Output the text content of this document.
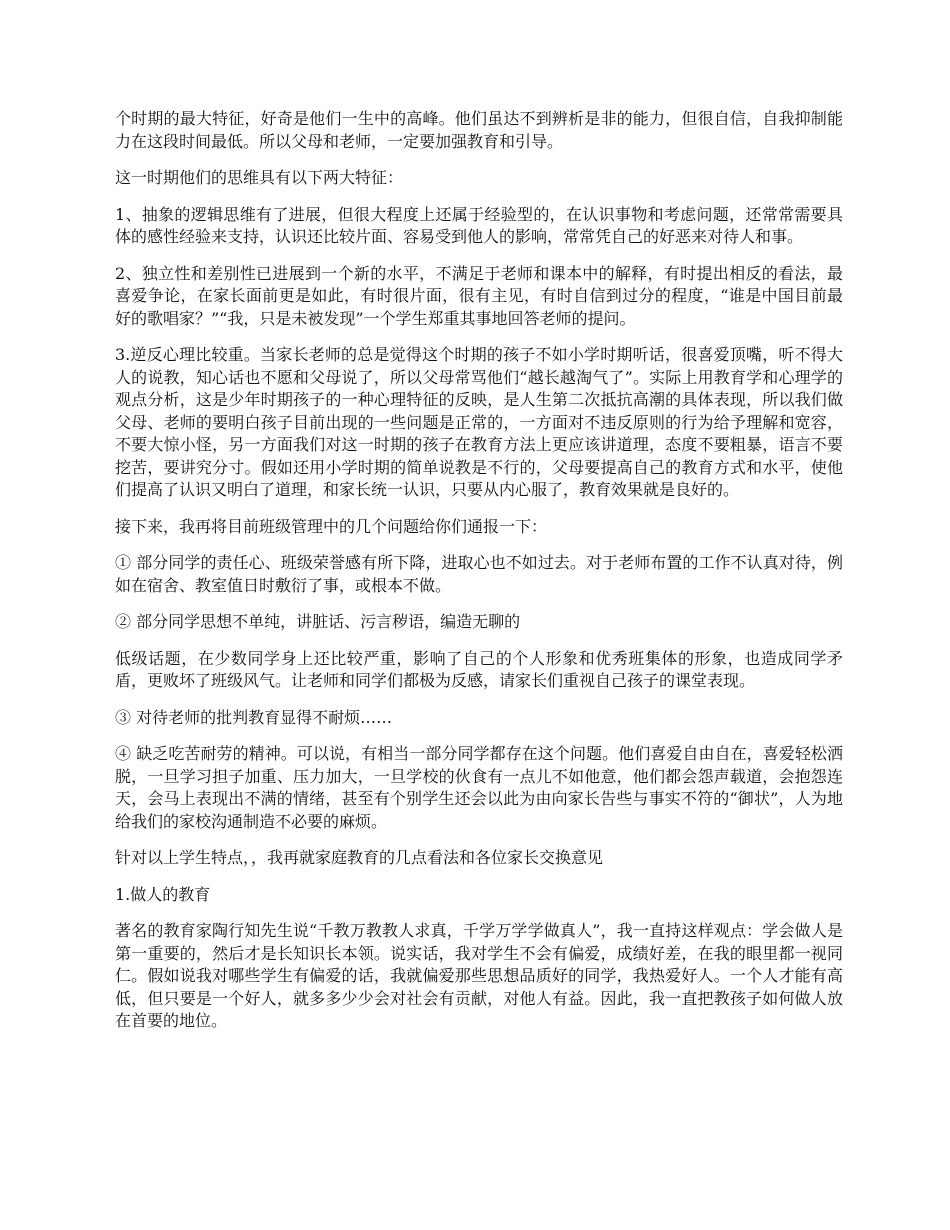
个时期的最大特征，好奇是他们一生中的高峰。他们虽达不到辨析是非的能力，但很自信，自我抑制能力在这段时间最低。所以父母和老师，一定要加强教育和引导。

这一时期他们的思维具有以下两大特征：

1、抽象的逻辑思维有了进展，但很大程度上还属于经验型的，在认识事物和考虑问题，还常常需要具体的感性经验来支持，认识还比较片面、容易受到他人的影响，常常凭自己的好恶来对待人和事。

2、独立性和差别性已进展到一个新的水平，不满足于老师和课本中的解释，有时提出相反的看法，最喜爱争论，在家长面前更是如此，有时很片面，很有主见，有时自信到过分的程度，“谁是中国目前最好的歌唱家？”“我，只是未被发现”一个学生郑重其事地回答老师的提问。

3.逆反心理比较重。当家长老师的总是觉得这个时期的孩子不如小学时期听话，很喜爱顶嘴，听不得大人的说教，知心话也不愿和父母说了，所以父母常骂他们“越长越淘气了”。实际上用教育学和心理学的观点分析，这是少年时期孩子的一种心理特征的反映，是人生第二次抵抗高潮的具体表现，所以我们做父母、老师的要明白孩子目前出现的一些问题是正常的，一方面对不违反原则的行为给予理解和宽容，不要大惊小怪，另一方面我们对这一时期的孩子在教育方法上更应该讲道理，态度不要粗暴，语言不要挖苦，要讲究分寸。假如还用小学时期的简单说教是不行的，父母要提高自己的教育方式和水平，使他们提高了认识又明白了道理，和家长统一认识，只要从内心服了，教育效果就是良好的。

接下来，我再将目前班级管理中的几个问题给你们通报一下：

① 部分同学的责任心、班级荣誉感有所下降，进取心也不如过去。对于老师布置的工作不认真对待，例如在宿舍、教室值日时敷衍了事，或根本不做。

② 部分同学思想不单纯，讲脏话、污言秽语，编造无聊的

低级话题，在少数同学身上还比较严重，影响了自己的个人形象和优秀班集体的形象，也造成同学矛盾，更败坏了班级风气。让老师和同学们都极为反感，请家长们重视自己孩子的课堂表现。

③ 对待老师的批判教育显得不耐烦……

④ 缺乏吃苦耐劳的精神。可以说，有相当一部分同学都存在这个问题。他们喜爱自由自在，喜爱轻松洒脱，一旦学习担子加重、压力加大，一旦学校的伙食有一点儿不如他意，他们都会怨声载道，会抱怨连天，会马上表现出不满的情绪，甚至有个别学生还会以此为由向家长告些与事实不符的“御状”，人为地给我们的家校沟通制造不必要的麻烦。

针对以上学生特点，，我再就家庭教育的几点看法和各位家长交换意见

1.做人的教育

著名的教育家陶行知先生说“千教万教教人求真，千学万学学做真人”，我一直持这样观点：学会做人是第一重要的，然后才是长知识长本领。说实话，我对学生不会有偏爱，成绩好差，在我的眼里都一视同仁。假如说我对哪些学生有偏爱的话，我就偏爱那些思想品质好的同学，我热爱好人。一个人才能有高低，但只要是一个好人，就多多少少会对社会有贡献，对他人有益。因此，我一直把教孩子如何做人放在首要的地位。
